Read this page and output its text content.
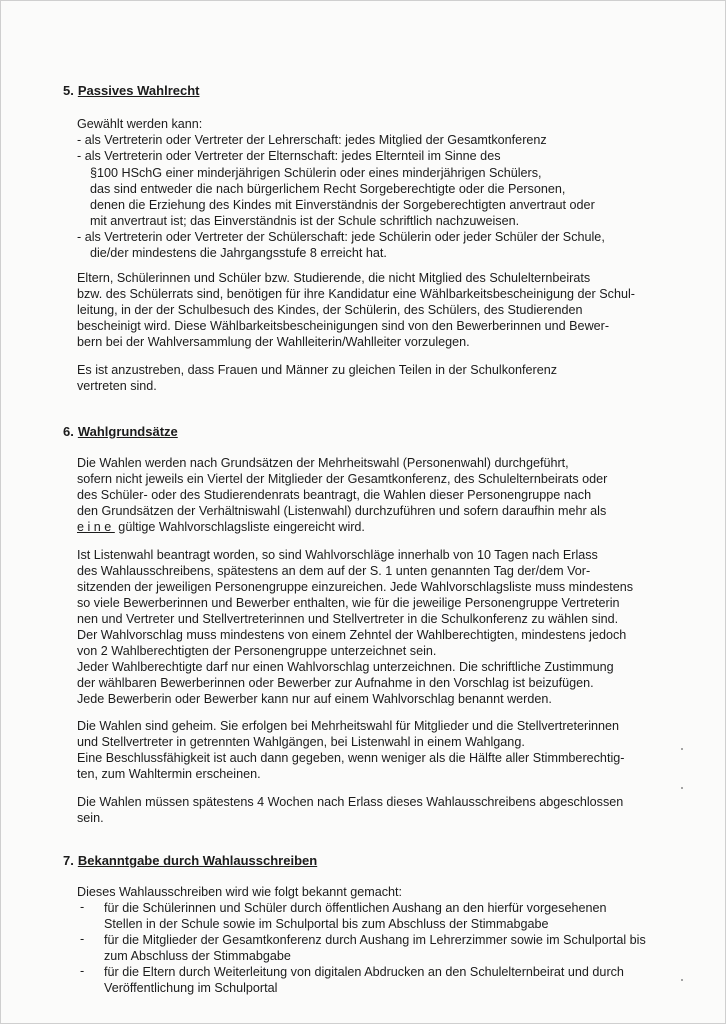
5. Passives Wahlrecht
Gewählt werden kann:
- als Vertreterin oder Vertreter der Lehrerschaft: jedes Mitglied der Gesamtkonferenz
- als Vertreterin oder Vertreter der Elternschaft: jedes Elternteil im Sinne des
§100 HSchG einer minderjährigen Schülerin oder eines minderjährigen Schülers,
das sind entweder die nach bürgerlichem Recht Sorgeberechtigte oder die Personen,
denen die Erziehung des Kindes mit Einverständnis der Sorgeberechtigten anvertraut oder
mit anvertraut ist; das Einverständnis ist der Schule schriftlich nachzuweisen.
- als Vertreterin oder Vertreter der Schülerschaft: jede Schülerin oder jeder Schüler der Schule,
die/der mindestens die Jahrgangsstufe 8 erreicht hat.
Eltern, Schülerinnen und Schüler bzw. Studierende, die nicht Mitglied des Schulelternbeirats
bzw. des Schülerrats sind, benötigen für ihre Kandidatur eine Wählbarkeitsbescheinigung der Schul-
leitung, in der der Schulbesuch des Kindes, der Schülerin, des Schülers, des Studierenden
bescheinigt wird. Diese Wählbarkeitsbescheinigungen sind von den Bewerberinnen und Bewer-
bern bei der Wahlversammlung der Wahlleiterin/Wahlleiter vorzulegen.
Es ist anzustreben, dass Frauen und Männer zu gleichen Teilen in der Schulkonferenz
vertreten sind.
6. Wahlgrundsätze
Die Wahlen werden nach Grundsätzen der Mehrheitswahl (Personenwahl) durchgeführt,
sofern nicht jeweils ein Viertel der Mitglieder der Gesamtkonferenz, des Schulelternbeirats oder
des Schüler- oder des Studierendenrats beantragt, die Wahlen dieser Personengruppe nach
den Grundsätzen der Verhältniswahl (Listenwahl) durchzuführen und sofern daraufhin mehr als
eine gültige Wahlvorschlagsliste eingereicht wird.
Ist Listenwahl beantragt worden, so sind Wahlvorschläge innerhalb von 10 Tagen nach Erlass
des Wahlausschreibens, spätestens an dem auf der S. 1 unten genannten Tag der/dem Vor-
sitzenden der jeweiligen Personengruppe einzureichen. Jede Wahlvorschlagsliste muss mindestens
so viele Bewerberinnen und Bewerber enthalten, wie für die jeweilige Personengruppe Vertreterin
nen und Vertreter und Stellvertreterinnen und Stellvertreter in die Schulkonferenz zu wählen sind.
Der Wahlvorschlag muss mindestens von einem Zehntel der Wahlberechtigten, mindestens jedoch
von 2 Wahlberechtigten der Personengruppe unterzeichnet sein.
Jeder Wahlberechtigte darf nur einen Wahlvorschlag unterzeichnen. Die schriftliche Zustimmung
der wählbaren Bewerberinnen oder Bewerber zur Aufnahme in den Vorschlag ist beizufügen.
Jede Bewerberin oder Bewerber kann nur auf einem Wahlvorschlag benannt werden.
Die Wahlen sind geheim. Sie erfolgen bei Mehrheitswahl für Mitglieder und die Stellvertreterinnen
und Stellvertreter in getrennten Wahlgängen, bei Listenwahl in einem Wahlgang.
Eine Beschlussfähigkeit ist auch dann gegeben, wenn weniger als die Hälfte aller Stimmberechtig-
ten, zum Wahltermin erscheinen.
Die Wahlen müssen spätestens 4 Wochen nach Erlass dieses Wahlausschreibens abgeschlossen
sein.
7. Bekanntgabe durch Wahlausschreiben
Dieses Wahlausschreiben wird wie folgt bekannt gemacht:
- für die Schülerinnen und Schüler durch öffentlichen Aushang an den hierfür vorgesehenen
Stellen in der Schule sowie im Schulportal bis zum Abschluss der Stimmabgabe
- für die Mitglieder der Gesamtkonferenz durch Aushang im Lehrerzimmer sowie im Schulportal bis
zum Abschluss der Stimmabgabe
- für die Eltern durch Weiterleitung von digitalen Abdrucken an den Schulelternbeirat und durch
Veröffentlichung im Schulportal
